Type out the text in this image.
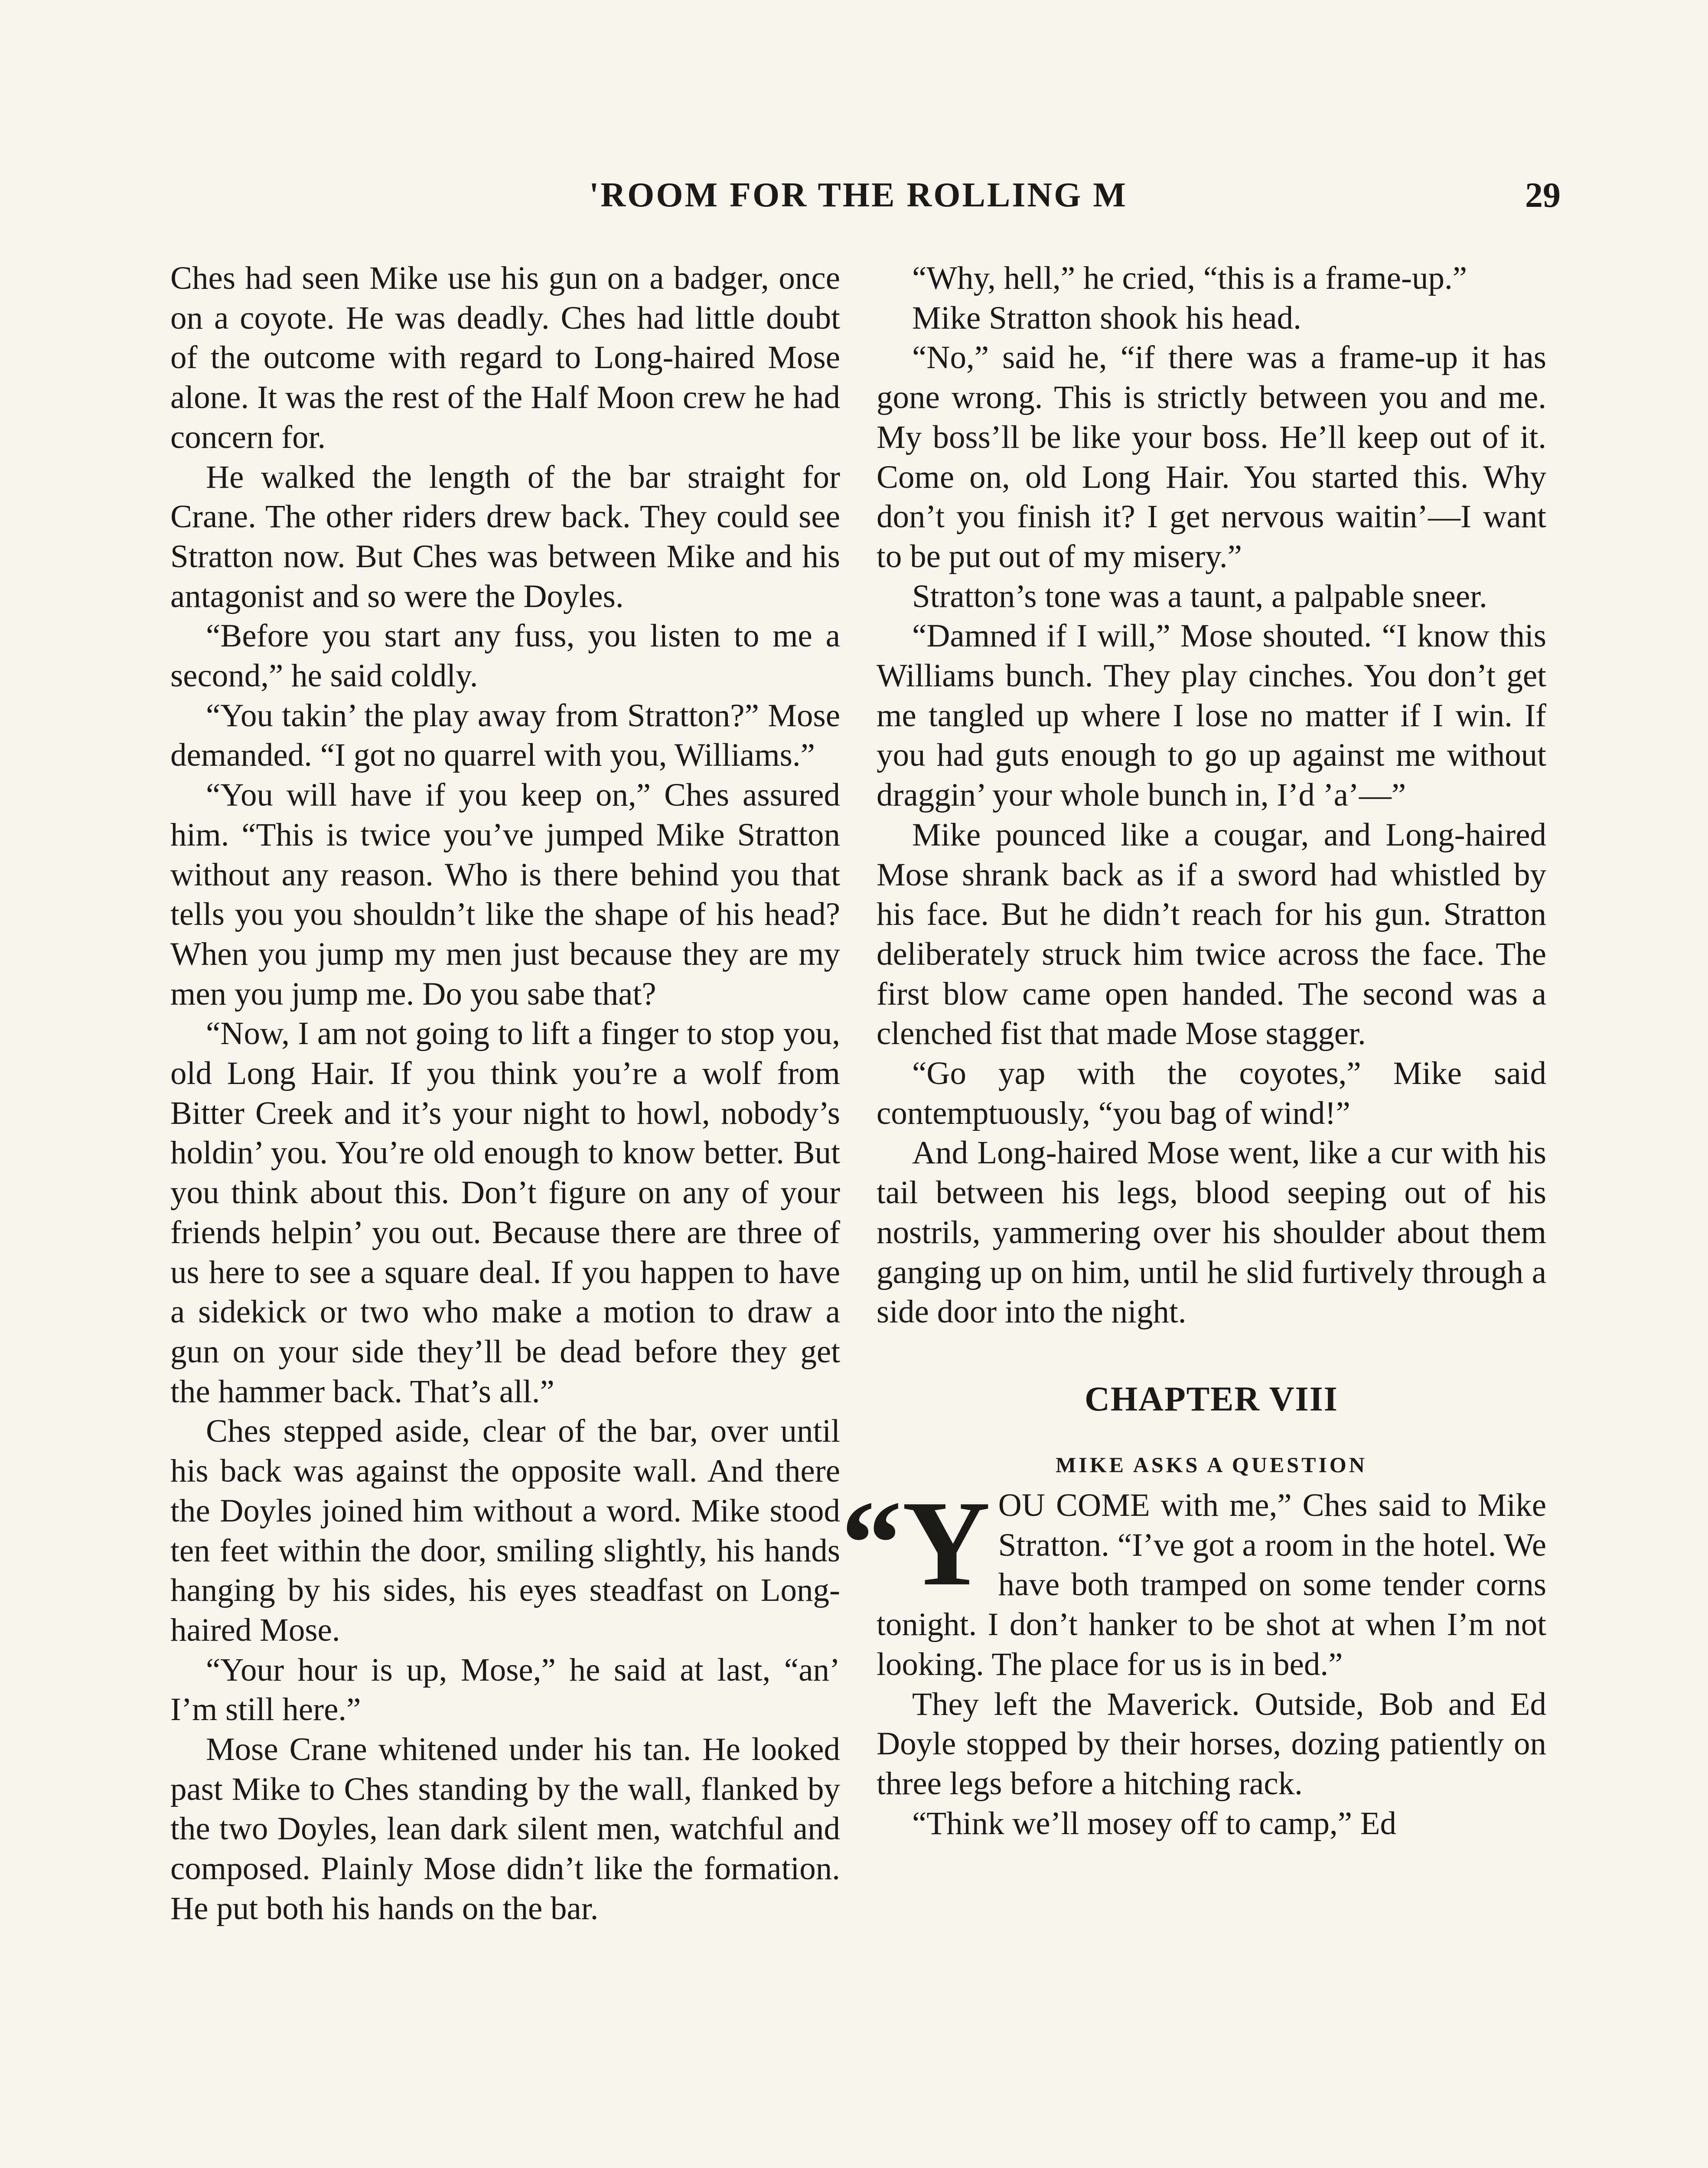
'ROOM FOR THE ROLLING M	29

Ches had seen Mike use his gun on a badger, once on a coyote. He was deadly. Ches had little doubt of the outcome with regard to Long-haired Mose alone. It was the rest of the Half Moon crew he had concern for.

He walked the length of the bar straight for Crane. The other riders drew back. They could see Stratton now. But Ches was between Mike and his antagonist and so were the Doyles.

“Before you start any fuss, you listen to me a second,” he said coldly.

“You takin’ the play away from Stratton?” Mose demanded. “I got no quarrel with you, Williams.”

“You will have if you keep on,” Ches assured him. “This is twice you’ve jumped Mike Stratton without any reason. Who is there behind you that tells you you shouldn’t like the shape of his head? When you jump my men just because they are my men you jump me. Do you sabe that?

“Now, I am not going to lift a finger to stop you, old Long Hair. If you think you’re a wolf from Bitter Creek and it’s your night to howl, nobody’s holdin’ you. You’re old enough to know better. But you think about this. Don’t figure on any of your friends helpin’ you out. Because there are three of us here to see a square deal. If you happen to have a sidekick or two who make a motion to draw a gun on your side they’ll be dead before they get the hammer back. That’s all.”

Ches stepped aside, clear of the bar, over until his back was against the opposite wall. And there the Doyles joined him without a word. Mike stood ten feet within the door, smiling slightly, his hands hanging by his sides, his eyes steadfast on Long-haired Mose.

“Your hour is up, Mose,” he said at last, “an’ I’m still here.”

Mose Crane whitened under his tan. He looked past Mike to Ches standing by the wall, flanked by the two Doyles, lean dark silent men, watchful and composed. Plainly Mose didn’t like the formation. He put both his hands on the bar.

“Why, hell,” he cried, “this is a frame-up.”

Mike Stratton shook his head.

“No,” said he, “if there was a frame-up it has gone wrong. This is strictly between you and me. My boss’ll be like your boss. He’ll keep out of it. Come on, old Long Hair. You started this. Why don’t you finish it? I get nervous waitin’—I want to be put out of my misery.”

Stratton’s tone was a taunt, a palpable sneer.

“Damned if I will,” Mose shouted. “I know this Williams bunch. They play cinches. You don’t get me tangled up where I lose no matter if I win. If you had guts enough to go up against me without draggin’ your whole bunch in, I’d ’a’—”

Mike pounced like a cougar, and Long-haired Mose shrank back as if a sword had whistled by his face. But he didn’t reach for his gun. Stratton deliberately struck him twice across the face. The first blow came open handed. The second was a clenched fist that made Mose stagger.

“Go yap with the coyotes,” Mike said contemptuously, “you bag of wind!”

And Long-haired Mose went, like a cur with his tail between his legs, blood seeping out of his nostrils, yammering over his shoulder about them ganging up on him, until he slid furtively through a side door into the night.

CHAPTER VIII
MIKE ASKS A QUESTION

“Y OU COME with me,” Ches said to Mike Stratton. “I’ve got a room in the hotel. We have both tramped on some tender corns tonight. I don’t hanker to be shot at when I’m not looking. The place for us is in bed.”

They left the Maverick. Outside, Bob and Ed Doyle stopped by their horses, dozing patiently on three legs before a hitching rack.

“Think we’ll mosey off to camp,” Ed
